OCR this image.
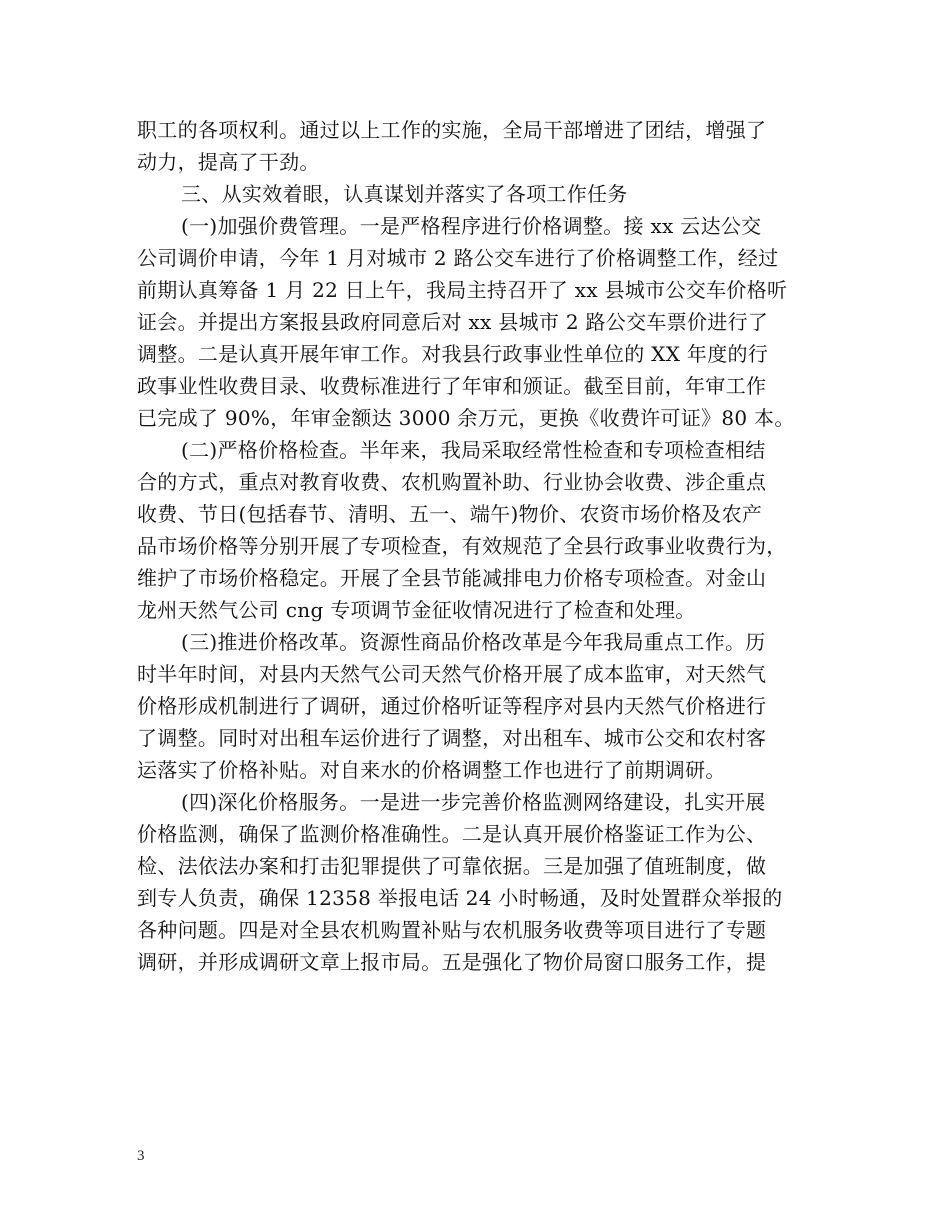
职工的各项权利。通过以上工作的实施，全局干部增进了团结，增强了
动力，提高了干劲。
三、从实效着眼，认真谋划并落实了各项工作任务
(一)加强价费管理。一是严格程序进行价格调整。接 xx 云达公交
公司调价申请，今年 1 月对城市 2 路公交车进行了价格调整工作，经过
前期认真筹备 1 月 22 日上午，我局主持召开了 xx 县城市公交车价格听
证会。并提出方案报县政府同意后对 xx 县城市 2 路公交车票价进行了
调整。二是认真开展年审工作。对我县行政事业性单位的 XX 年度的行
政事业性收费目录、收费标准进行了年审和颁证。截至目前，年审工作
已完成了 90%，年审金额达 3000 余万元，更换《收费许可证》80 本。
(二)严格价格检查。半年来，我局采取经常性检查和专项检查相结
合的方式，重点对教育收费、农机购置补助、行业协会收费、涉企重点
收费、节日(包括春节、清明、五一、端午)物价、农资市场价格及农产
品市场价格等分别开展了专项检查，有效规范了全县行政事业收费行为，
维护了市场价格稳定。开展了全县节能减排电力价格专项检查。对金山
龙州天然气公司 cng 专项调节金征收情况进行了检查和处理。
(三)推进价格改革。资源性商品价格改革是今年我局重点工作。历
时半年时间，对县内天然气公司天然气价格开展了成本监审，对天然气
价格形成机制进行了调研，通过价格听证等程序对县内天然气价格进行
了调整。同时对出租车运价进行了调整，对出租车、城市公交和农村客
运落实了价格补贴。对自来水的价格调整工作也进行了前期调研。
(四)深化价格服务。一是进一步完善价格监测网络建设，扎实开展
价格监测，确保了监测价格准确性。二是认真开展价格鉴证工作为公、
检、法依法办案和打击犯罪提供了可靠依据。三是加强了值班制度，做
到专人负责，确保 12358 举报电话 24 小时畅通，及时处置群众举报的
各种问题。四是对全县农机购置补贴与农机服务收费等项目进行了专题
调研，并形成调研文章上报市局。五是强化了物价局窗口服务工作，提
3
